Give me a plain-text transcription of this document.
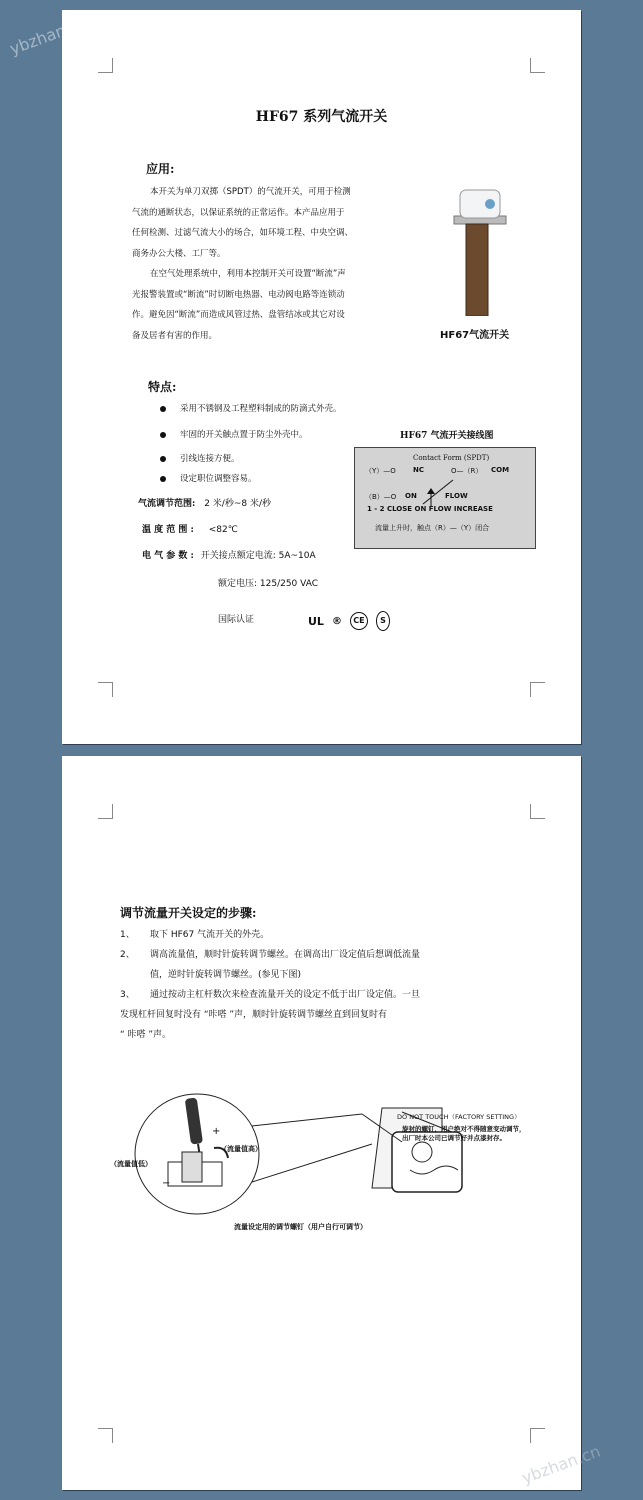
HF67 系列气流开关
应用:
本开关为单刀双掷（SPDT）的气流开关，可用于检测
气流的通断状态，以保证系统的正常运作。本产品应用于
任何检测、过滤气流大小的场合，如环境工程、中央空调、
商务办公大楼、工厂等。
在空气处理系统中，利用本控制开关可设置“断流”声
光报警装置或“断流”时切断电热器、电动阀电路等连锁动
作。避免因“断流”而造成风管过热、盘管结冰或其它对设
备及居者有害的作用。	HF67气流开关
特点:
采用不锈钢及工程塑料制成的防滴式外壳。
牢固的开关触点置于防尘外壳中。
引线连接方便。
设定职位调整容易。
HF67 气流开关接线图
Contact Form (SPDT)
（Y）—O NC	O—（R） COM
（B）—O ON	FLOW
1 - 2 CLOSE ON FLOW INCREASE
流量上升时，触点（R）—（Y）闭合
气流调节范围: 2 米/秒~8 米/秒
温 度 范 围 : <82℃
电 气 参 数 : 开关接点额定电流: 5A~10A
额定电压: 125/250 VAC
国际认证	UL ®	CE	S
调节流量开关设定的步骤:
1、 取下 HF67 气流开关的外壳。
2、 调高流量值，顺时针旋转调节螺丝。在调高出厂设定值后想调低流量
值，逆时针旋转调节螺丝。(参见下图)
3、 通过按动主杠杆数次来检查流量开关的设定不低于出厂设定值。一旦
发现杠杆回复时没有 “咔嗒 ”声，顺时针旋转调节螺丝直到回复时有
“ 咔嗒 ”声。
（流量值低）
（流量值高）
−
+
流量设定用的调节螺钉（用户自行可调节）
DO NOT TOUCH（FACTORY SETTING）
旋封的螺钉，用户绝对不得随意变动调节，
出厂时本公司已调节好并点漆封存。
ybzhan.cn
ybzhan.cn
